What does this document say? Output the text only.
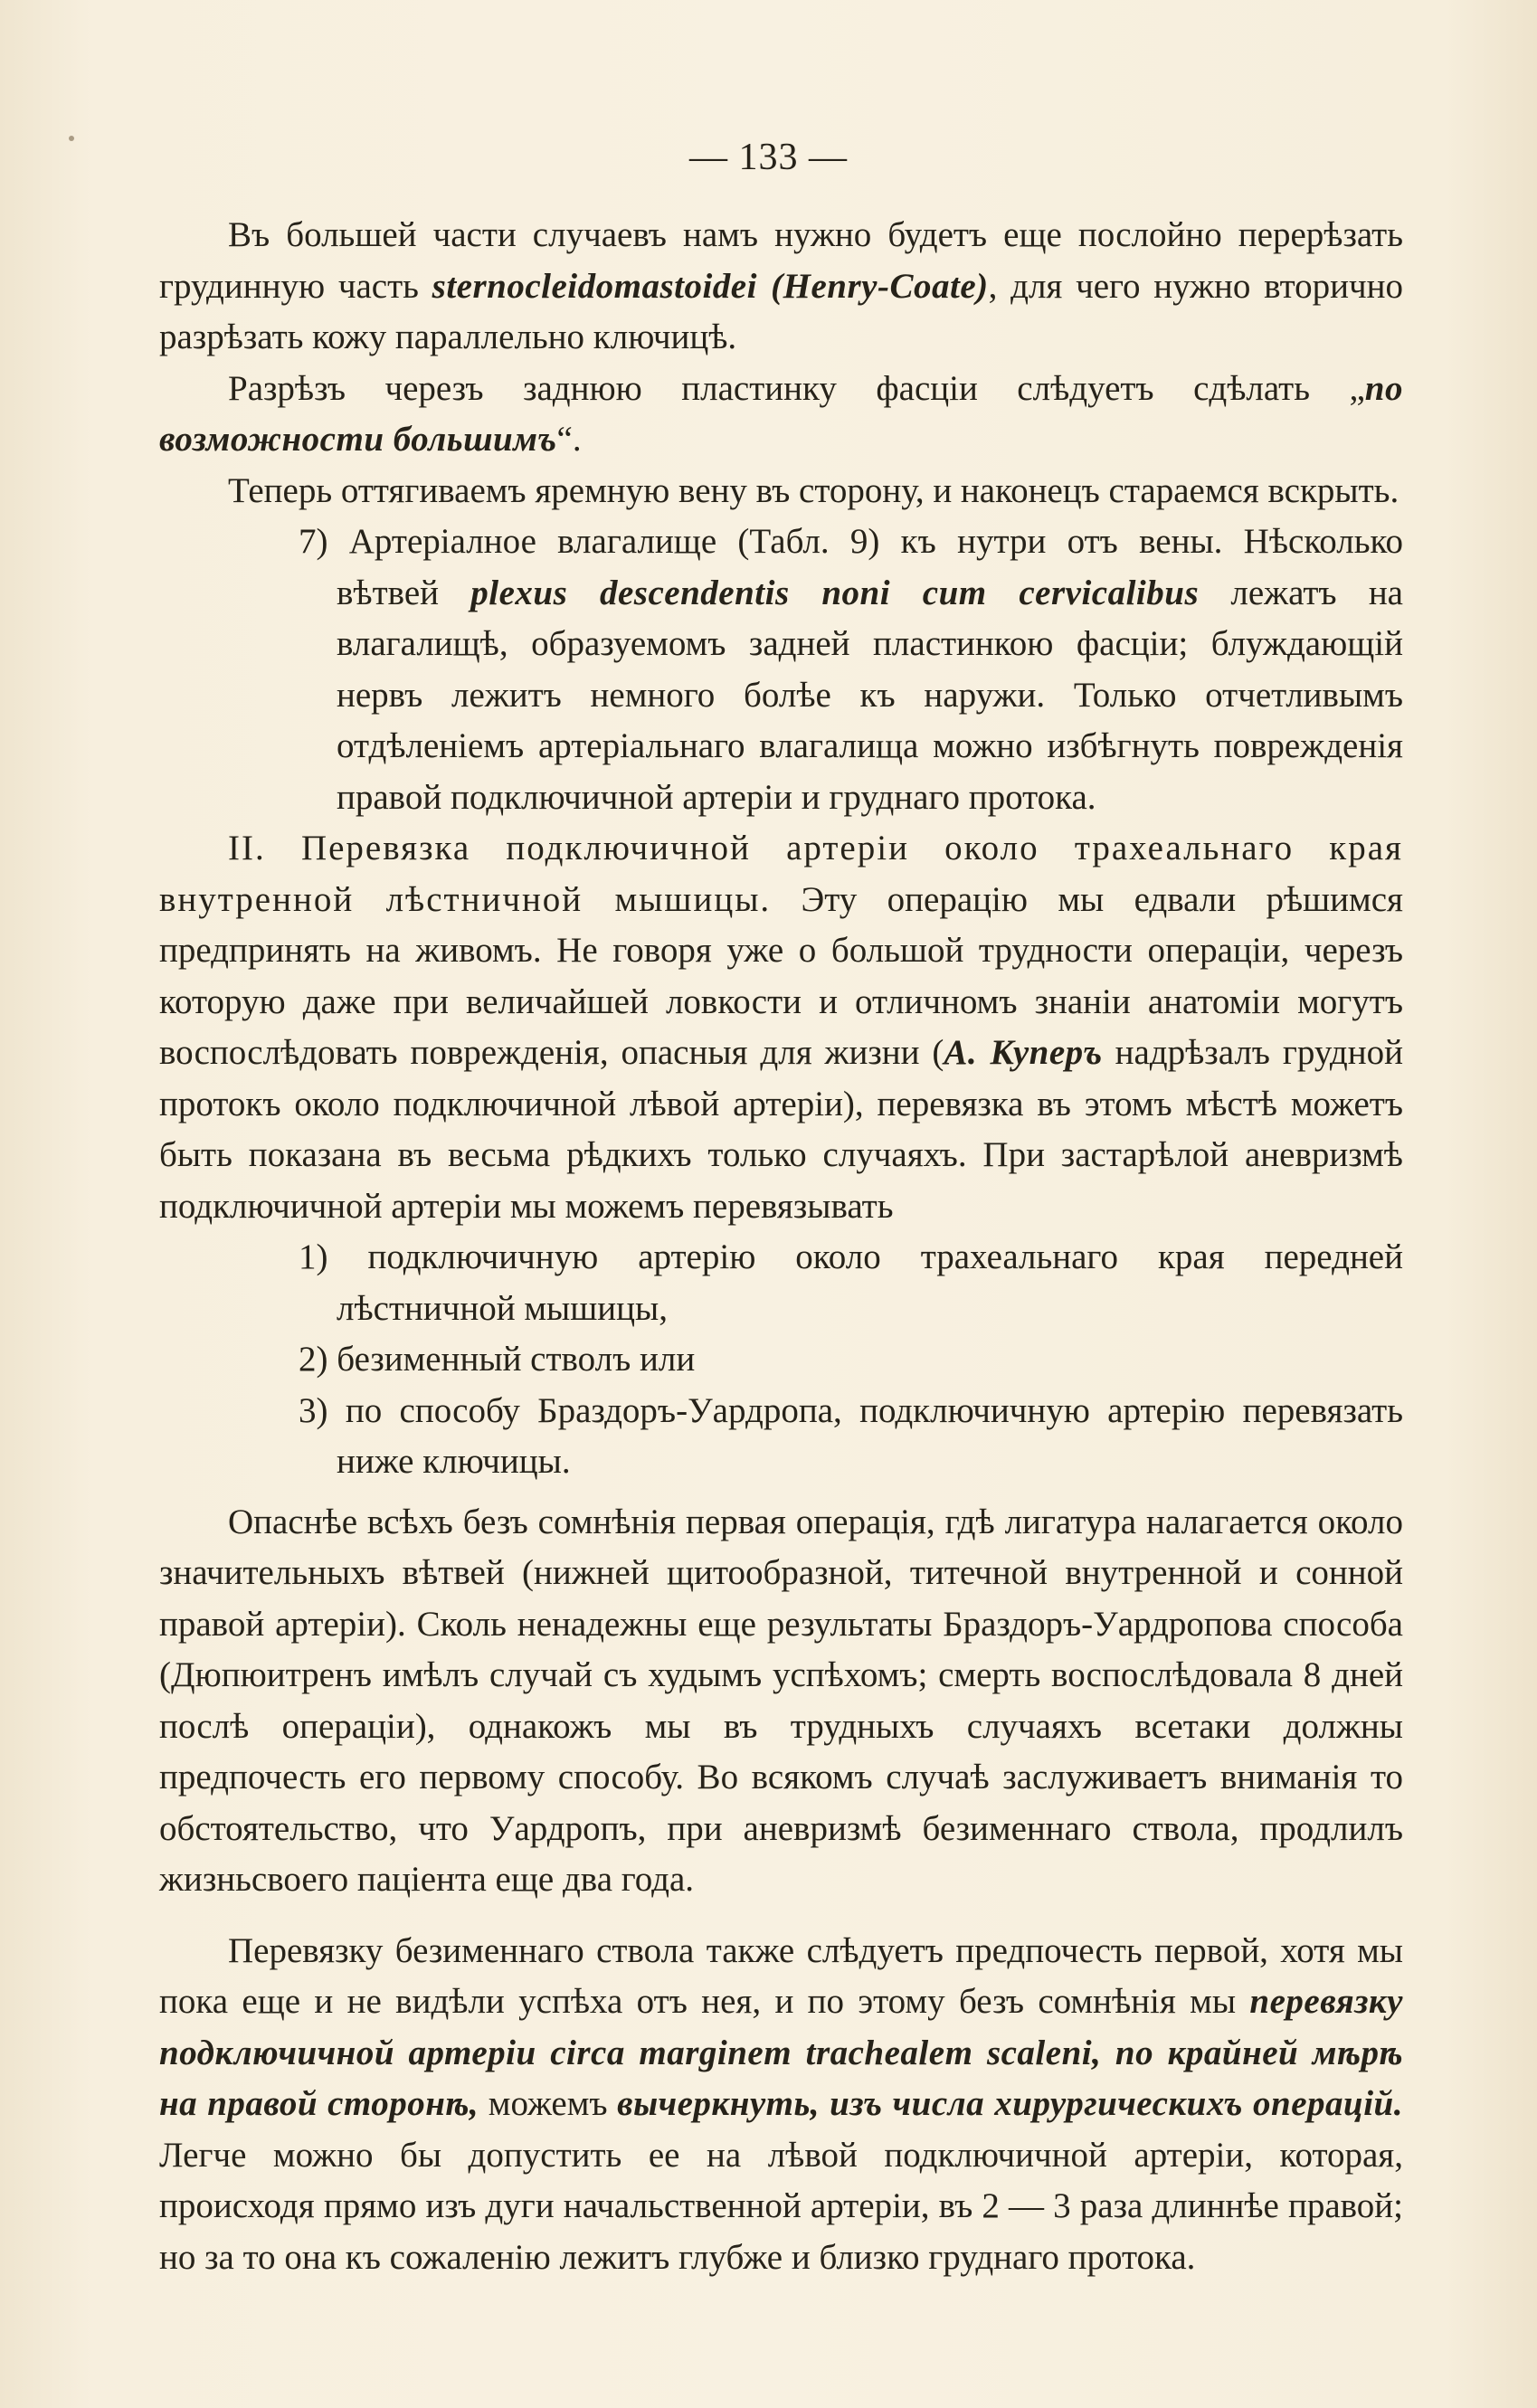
— 133 —

Въ большей части случаевъ намъ нужно будетъ еще послойно перерѣзать грудинную часть sternocleidomastoidei (Henry-Coate), для чего нужно вторично разрѣзать кожу параллельно ключицѣ.

Разрѣзъ черезъ заднюю пластинку фасціи слѣдуетъ сдѣлать „по возможности большимъ“.

Теперь оттягиваемъ яремную вену въ сторону, и наконецъ стараемся вскрыть.

7) Артеріалное влагалище (Табл. 9) къ нутри отъ вены. Нѣсколько вѣтвей plexus descendentis noni cum cervicalibus лежатъ на влагалищѣ, образуемомъ задней пластинкою фасціи; блуждающій нервъ лежитъ немного болѣе къ наружи. Только отчетливымъ отдѣленіемъ артеріальнаго влагалища можно избѣгнуть поврежденія правой подключичной артеріи и груднаго протока.

II. Перевязка подключичной артеріи около трахеальнаго края внутренной лѣстничной мышицы. Эту операцію мы едвали рѣшимся предпринять на живомъ. Не говоря уже о большой трудности операціи, черезъ которую даже при величайшей ловкости и отличномъ знаніи анатоміи могутъ воспослѣдовать поврежденія, опасныя для жизни (А. Куперъ надрѣзалъ грудной протокъ около подключичной лѣвой артеріи), перевязка въ этомъ мѣстѣ можетъ быть показана въ весьма рѣдкихъ только случаяхъ. При застарѣлой аневризмѣ подключичной артеріи мы можемъ перевязывать

1) подключичную артерію около трахеальнаго края передней лѣстничной мышицы,

2) безименный стволъ или

3) по способу Браздоръ-Уардропа, подключичную артерію перевязать ниже ключицы.

Опаснѣе всѣхъ безъ сомнѣнія первая операція, гдѣ лигатура налагается около значительныхъ вѣтвей (нижней щитообразной, титечной внутренной и сонной правой артеріи). Сколь ненадежны еще результаты Браздоръ-Уардропова способа (Дюпюитренъ имѣлъ случай съ худымъ успѣхомъ; смерть воспослѣдовала 8 дней послѣ операціи), однакожъ мы въ трудныхъ случаяхъ всетаки должны предпочесть его первому способу. Во всякомъ случаѣ заслуживаетъ вниманія то обстоятельство, что Уардропъ, при аневризмѣ безименнаго ствола, продлилъ жизньсвоего паціента еще два года.

Перевязку безименнаго ствола также слѣдуетъ предпочесть первой, хотя мы пока еще и не видѣли успѣха отъ нея, и по этому безъ сомнѣнія мы перевязку подключичной артеріи circa marginem trachealem scaleni, по крайней мѣрѣ на правой сторонѣ, можемъ вычеркнуть, изъ числа хирургическихъ операцій. Легче можно бы допустить ее на лѣвой подключичной артеріи, которая, происходя прямо изъ дуги начальственной артеріи, въ 2 — 3 раза длиннѣе правой; но за то она къ сожаленію лежитъ глубже и близко груднаго протока.
